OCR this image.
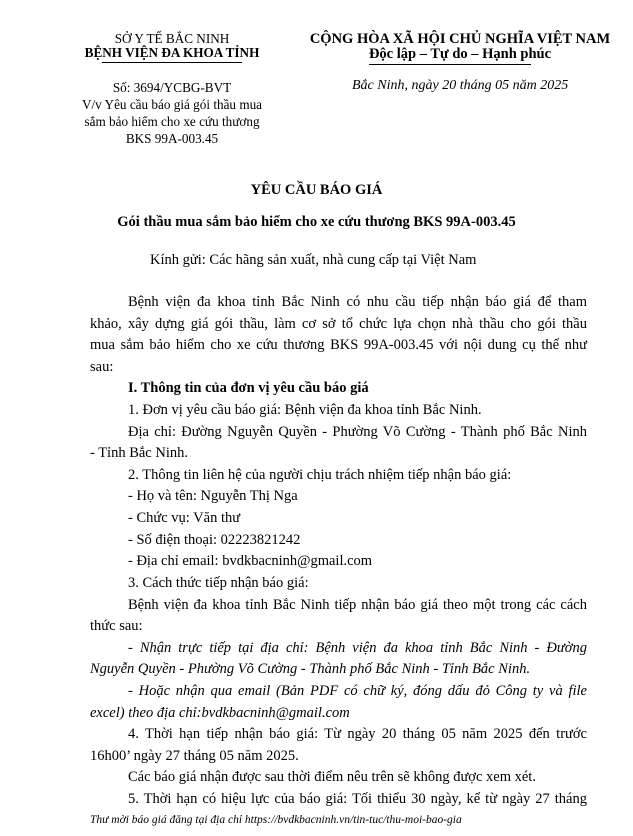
SỞ Y TẾ BẮC NINH
BỆNH VIỆN ĐA KHOA TỈNH
Số: 3694/YCBG-BVT
V/v Yêu cầu báo giá gói thầu mua
sắm bảo hiểm cho xe cứu thương
BKS 99A-003.45
CỘNG HÒA XÃ HỘI CHỦ NGHĨA VIỆT NAM
Độc lập – Tự do – Hạnh phúc
Bắc Ninh, ngày 20 tháng 05 năm 2025
YÊU CẦU BÁO GIÁ
Gói thầu mua sắm bảo hiểm cho xe cứu thương BKS 99A-003.45
Kính gửi: Các hãng sản xuất, nhà cung cấp tại Việt Nam
Bệnh viện đa khoa tỉnh Bắc Ninh có nhu cầu tiếp nhận báo giá để tham
khảo, xây dựng giá gói thầu, làm cơ sở tổ chức lựa chọn nhà thầu cho gói thầu
mua sắm bảo hiểm cho xe cứu thương BKS 99A-003.45 với nội dung cụ thể như
sau:
I. Thông tin của đơn vị yêu cầu báo giá
1. Đơn vị yêu cầu báo giá: Bệnh viện đa khoa tỉnh Bắc Ninh.
Địa chỉ: Đường Nguyễn Quyền - Phường Võ Cường - Thành phố Bắc Ninh
- Tỉnh Bắc Ninh.
2. Thông tin liên hệ của người chịu trách nhiệm tiếp nhận báo giá:
- Họ và tên: Nguyễn Thị Nga
- Chức vụ: Văn thư
- Số điện thoại: 02223821242
- Địa chỉ email: bvdkbacninh@gmail.com
3. Cách thức tiếp nhận báo giá:
Bệnh viện đa khoa tỉnh Bắc Ninh tiếp nhận báo giá theo một trong các cách
thức sau:
- Nhận trực tiếp tại địa chỉ: Bệnh viện đa khoa tỉnh Bắc Ninh - Đường
Nguyễn Quyền - Phường Võ Cường - Thành phố Bắc Ninh - Tỉnh Bắc Ninh.
- Hoặc nhận qua email (Bản PDF có chữ ký, đóng dấu đỏ Công ty và file
excel) theo địa chỉ:bvdkbacninh@gmail.com
4. Thời hạn tiếp nhận báo giá: Từ ngày 20 tháng 05 năm 2025 đến trước
16h00’ ngày 27 tháng 05 năm 2025.
Các báo giá nhận được sau thời điểm nêu trên sẽ không được xem xét.
5. Thời hạn có hiệu lực của báo giá: Tối thiểu 30 ngày, kể từ ngày 27 tháng
Thư mời báo giá đăng tại địa chỉ https://bvdkbacninh.vn/tin-tuc/thu-moi-bao-gia
